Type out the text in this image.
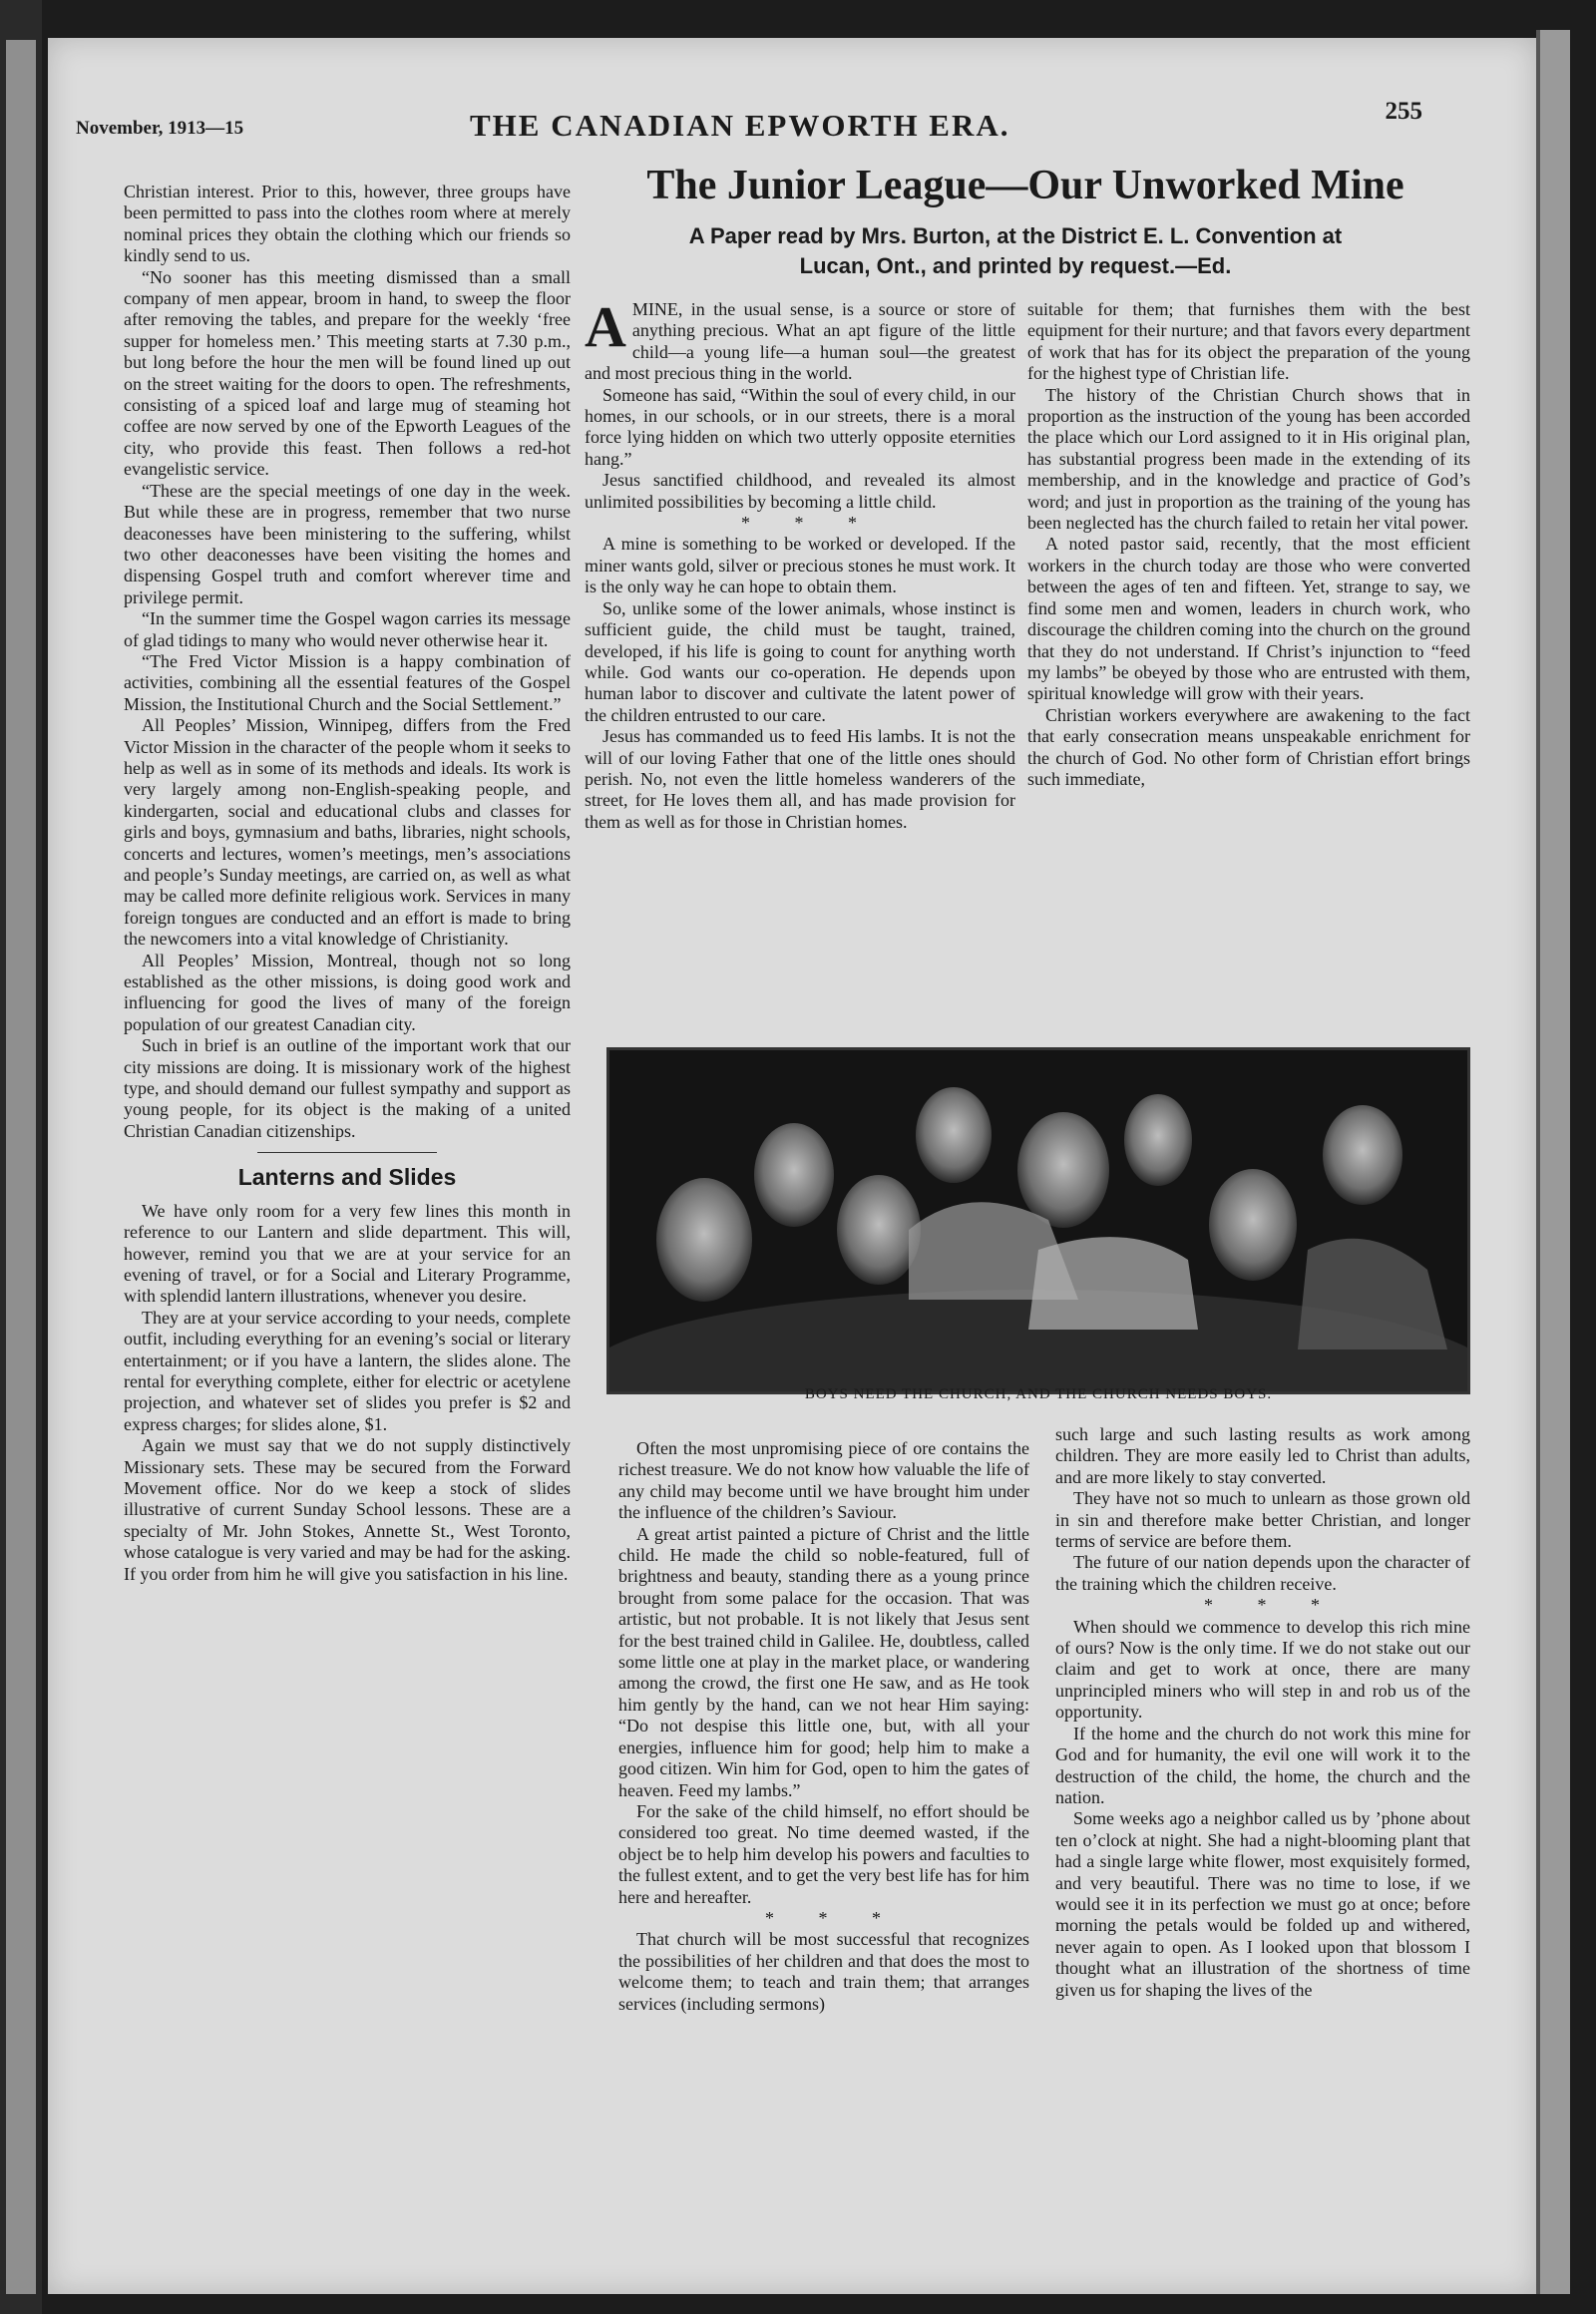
November, 1913—15	THE CANADIAN EPWORTH ERA.	255

Christian interest. Prior to this, however, three groups have been permitted to pass into the clothes room where at merely nominal prices they obtain the clothing which our friends so kindly send to us.

“No sooner has this meeting dismissed than a small company of men appear, broom in hand, to sweep the floor after removing the tables, and prepare for the weekly ‘free supper for homeless men.’ This meeting starts at 7.30 p.m., but long before the hour the men will be found lined up out on the street waiting for the doors to open. The refreshments, consisting of a spiced loaf and large mug of steaming hot coffee are now served by one of the Epworth Leagues of the city, who provide this feast. Then follows a red-hot evangelistic service.

“These are the special meetings of one day in the week. But while these are in progress, remember that two nurse deaconesses have been ministering to the suffering, whilst two other deaconesses have been visiting the homes and dispensing Gospel truth and comfort wherever time and privilege permit.

“In the summer time the Gospel wagon carries its message of glad tidings to many who would never otherwise hear it.

“The Fred Victor Mission is a happy combination of activities, combining all the essential features of the Gospel Mission, the Institutional Church and the Social Settlement.”

All Peoples’ Mission, Winnipeg, differs from the Fred Victor Mission in the character of the people whom it seeks to help as well as in some of its methods and ideals. Its work is very largely among non-English-speaking people, and kindergarten, social and educational clubs and classes for girls and boys, gymnasium and baths, libraries, night schools, concerts and lectures, women’s meetings, men’s associations and people’s Sunday meetings, are carried on, as well as what may be called more definite religious work. Services in many foreign tongues are conducted and an effort is made to bring the newcomers into a vital knowledge of Christianity.

All Peoples’ Mission, Montreal, though not so long established as the other missions, is doing good work and influencing for good the lives of many of the foreign population of our greatest Canadian city.

Such in brief is an outline of the important work that our city missions are doing. It is missionary work of the highest type, and should demand our fullest sympathy and support as young people, for its object is the making of a united Christian Canadian citizenships.

Lanterns and Slides

We have only room for a very few lines this month in reference to our Lantern and slide department. This will, however, remind you that we are at your service for an evening of travel, or for a Social and Literary Programme, with splendid lantern illustrations, whenever you desire.

They are at your service according to your needs, complete outfit, including everything for an evening’s social or literary entertainment; or if you have a lantern, the slides alone. The rental for everything complete, either for electric or acetylene projection, and whatever set of slides you prefer is $2 and express charges; for slides alone, $1.

Again we must say that we do not supply distinctively Missionary sets. These may be secured from the Forward Movement office. Nor do we keep a stock of slides illustrative of current Sunday School lessons. These are a specialty of Mr. John Stokes, Annette St., West Toronto, whose catalogue is very varied and may be had for the asking. If you order from him he will give you satisfaction in his line.

The Junior League—Our Unworked Mine
A Paper read by Mrs. Burton, at the District E. L. Convention at
Lucan, Ont., and printed by request.—Ed.

AMINE, in the usual sense, is a source or store of anything precious. What an apt figure of the little child—a young life—a human soul—the greatest and most precious thing in the world.

Someone has said, “Within the soul of every child, in our homes, in our schools, or in our streets, there is a moral force lying hidden on which two utterly opposite eternities hang.”

Jesus sanctified childhood, and revealed its almost unlimited possibilities by becoming a little child.

* * *

A mine is something to be worked or developed. If the miner wants gold, silver or precious stones he must work. It is the only way he can hope to obtain them.

So, unlike some of the lower animals, whose instinct is sufficient guide, the child must be taught, trained, developed, if his life is going to count for anything worth while. God wants our co-operation. He depends upon human labor to discover and cultivate the latent power of the children entrusted to our care.

Jesus has commanded us to feed His lambs. It is not the will of our loving Father that one of the little ones should perish. No, not even the little homeless wanderers of the street, for He loves them all, and has made provision for them as well as for those in Christian homes.

suitable for them; that furnishes them with the best equipment for their nurture; and that favors every department of work that has for its object the preparation of the young for the highest type of Christian life.

The history of the Christian Church shows that in proportion as the instruction of the young has been accorded the place which our Lord assigned to it in His original plan, has substantial progress been made in the extending of its membership, and in the knowledge and practice of God’s word; and just in proportion as the training of the young has been neglected has the church failed to retain her vital power.

A noted pastor said, recently, that the most efficient workers in the church today are those who were converted between the ages of ten and fifteen. Yet, strange to say, we find some men and women, leaders in church work, who discourage the children coming into the church on the ground that they do not understand. If Christ’s injunction to “feed my lambs” be obeyed by those who are entrusted with them, spiritual knowledge will grow with their years.

Christian workers everywhere are awakening to the fact that early consecration means unspeakable enrichment for the church of God. No other form of Christian effort brings such immediate,

BOYS NEED THE CHURCH, AND THE CHURCH NEEDS BOYS.

Often the most unpromising piece of ore contains the richest treasure. We do not know how valuable the life of any child may become until we have brought him under the influence of the children’s Saviour.

A great artist painted a picture of Christ and the little child. He made the child so noble-featured, full of brightness and beauty, standing there as a young prince brought from some palace for the occasion. That was artistic, but not probable. It is not likely that Jesus sent for the best trained child in Galilee. He, doubtless, called some little one at play in the market place, or wandering among the crowd, the first one He saw, and as He took him gently by the hand, can we not hear Him saying: “Do not despise this little one, but, with all your energies, influence him for good; help him to make a good citizen. Win him for God, open to him the gates of heaven. Feed my lambs.”

For the sake of the child himself, no effort should be considered too great. No time deemed wasted, if the object be to help him develop his powers and faculties to the fullest extent, and to get the very best life has for him here and hereafter.

* * *

That church will be most successful that recognizes the possibilities of her children and that does the most to welcome them; to teach and train them; that arranges services (including sermons)

such large and such lasting results as work among children. They are more easily led to Christ than adults, and are more likely to stay converted.

They have not so much to unlearn as those grown old in sin and therefore make better Christian, and longer terms of service are before them.

The future of our nation depends upon the character of the training which the children receive.

* * *

When should we commence to develop this rich mine of ours? Now is the only time. If we do not stake out our claim and get to work at once, there are many unprincipled miners who will step in and rob us of the opportunity.

If the home and the church do not work this mine for God and for humanity, the evil one will work it to the destruction of the child, the home, the church and the nation.

Some weeks ago a neighbor called us by ’phone about ten o’clock at night. She had a night-blooming plant that had a single large white flower, most exquisitely formed, and very beautiful. There was no time to lose, if we would see it in its perfection we must go at once; before morning the petals would be folded up and withered, never again to open. As I looked upon that blossom I thought what an illustration of the shortness of time given us for shaping the lives of the
